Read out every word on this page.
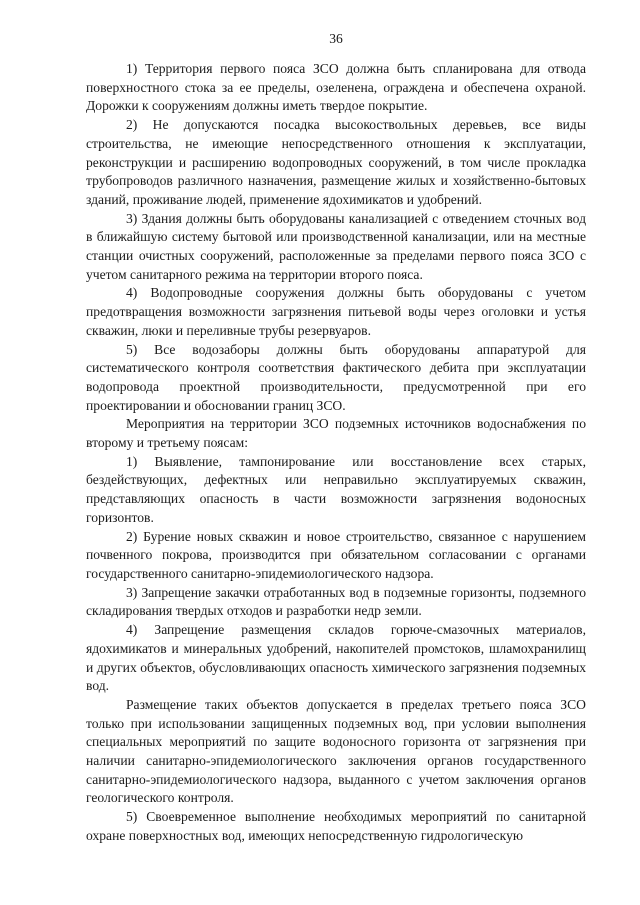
36

1) Территория первого пояса ЗСО должна быть спланирована для отвода поверхностного стока за ее пределы, озеленена, ограждена и обеспечена охраной. Дорожки к сооружениям должны иметь твердое покрытие.

2) Не допускаются посадка высокоствольных деревьев, все виды строительства, не имеющие непосредственного отношения к эксплуатации, реконструкции и расширению водопроводных сооружений, в том числе прокладка трубопроводов различного назначения, размещение жилых и хозяйственно-бытовых зданий, проживание людей, применение ядохимикатов и удобрений.

3) Здания должны быть оборудованы канализацией с отведением сточных вод в ближайшую систему бытовой или производственной канализации, или на местные станции очистных сооружений, расположенные за пределами первого пояса ЗСО с учетом санитарного режима на территории второго пояса.

4) Водопроводные сооружения должны быть оборудованы с учетом предотвращения возможности загрязнения питьевой воды через оголовки и устья скважин, люки и переливные трубы резервуаров.

5) Все водозаборы должны быть оборудованы аппаратурой для систематического контроля соответствия фактического дебита при эксплуатации водопровода проектной производительности, предусмотренной при его проектировании и обосновании границ ЗСО.

Мероприятия на территории ЗСО подземных источников водоснабжения по второму и третьему поясам:

1) Выявление, тампонирование или восстановление всех старых, бездействующих, дефектных или неправильно эксплуатируемых скважин, представляющих опасность в части возможности загрязнения водоносных горизонтов.

2) Бурение новых скважин и новое строительство, связанное с нарушением почвенного покрова, производится при обязательном согласовании с органами государственного санитарно-эпидемиологического надзора.

3) Запрещение закачки отработанных вод в подземные горизонты, подземного складирования твердых отходов и разработки недр земли.

4) Запрещение размещения складов горюче-смазочных материалов, ядохимикатов и минеральных удобрений, накопителей промстоков, шламохранилищ и других объектов, обусловливающих опасность химического загрязнения подземных вод.

Размещение таких объектов допускается в пределах третьего пояса ЗСО только при использовании защищенных подземных вод, при условии выполнения специальных мероприятий по защите водоносного горизонта от загрязнения при наличии санитарно-эпидемиологического заключения органов государственного санитарно-эпидемиологического надзора, выданного с учетом заключения органов геологического контроля.

5) Своевременное выполнение необходимых мероприятий по санитарной охране поверхностных вод, имеющих непосредственную гидрологическую
